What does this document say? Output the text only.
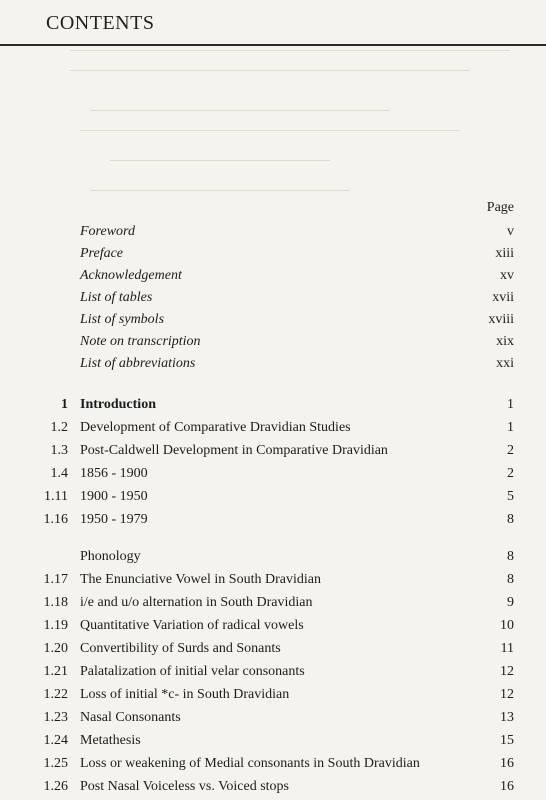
CONTENTS
Page
Foreword	v
Preface	xiii
Acknowledgement	xv
List of tables	xvii
List of symbols	xviii
Note on transcription	xix
List of abbreviations	xxi
1 Introduction	1
1.2 Development of Comparative Dravidian Studies	1
1.3 Post-Caldwell Development in Comparative Dravidian	2
1.4 1856 - 1900	2
1.11 1900 - 1950	5
1.16 1950 - 1979	8
Phonology	8
1.17 The Enunciative Vowel in South Dravidian	8
1.18 i/e and u/o alternation in South Dravidian	9
1.19 Quantitative Variation of radical vowels	10
1.20 Convertibility of Surds and Sonants	11
1.21 Palatalization of initial velar consonants	12
1.22 Loss of initial *c- in South Dravidian	12
1.23 Nasal Consonants	13
1.24 Metathesis	15
1.25 Loss or weakening of Medial consonants in South Dravidian	16
1.26 Post Nasal Voiceless vs. Voiced stops	16
